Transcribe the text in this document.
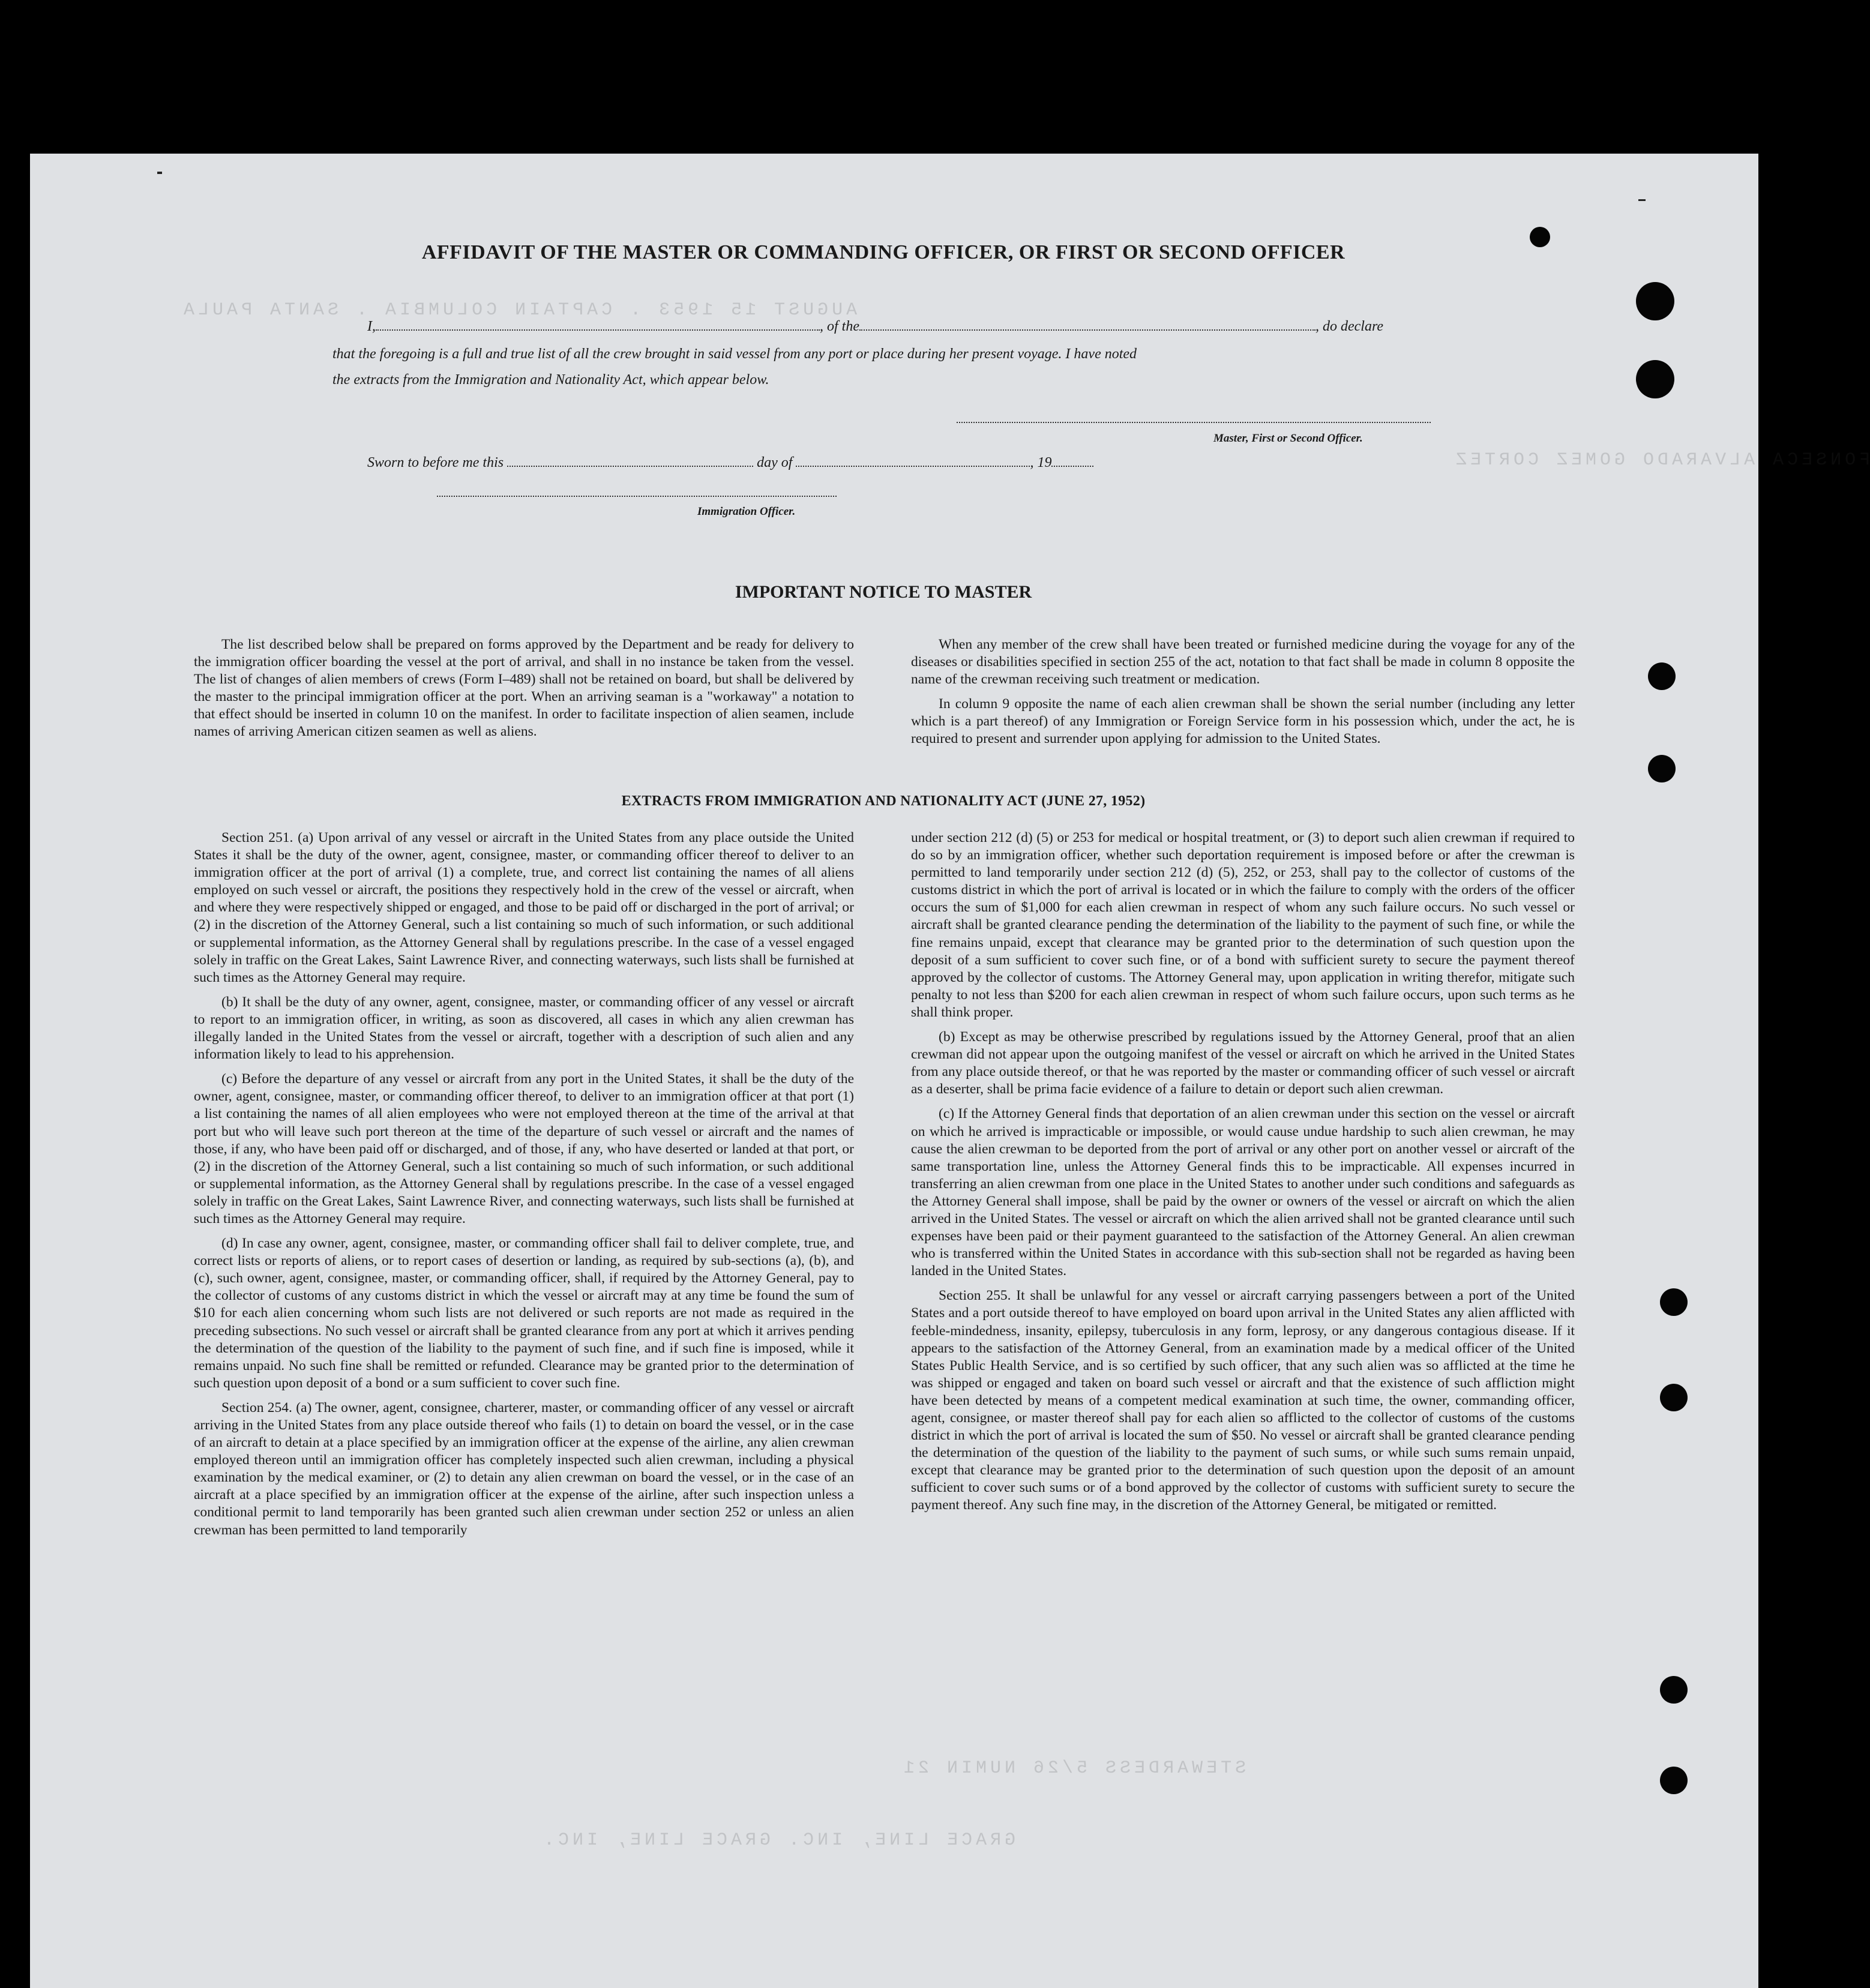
AUGUST 15 1953 . CAPTAIN COLUMBIA . SANTA PAULA
FONSECA ALVARADO GOMEZ CORTEZ
STEWARDESS 5/26 NUMIN 21
GRACE LINE, INC. GRACE LINE, INC.
AFFIDAVIT OF THE MASTER OR COMMANDING OFFICER, OR FIRST OR SECOND OFFICER
I,	, of the	, do declare
that the foregoing is a full and true list of all the crew brought in said vessel from any port or place during her present voyage. I have noted
the extracts from the Immigration and Nationality Act, which appear below.
Master, First or Second Officer.
Sworn to before me this	day of	, 19
Immigration Officer.
IMPORTANT NOTICE TO MASTER

The list described below shall be prepared on forms approved by the Department and be ready for delivery to the immigration officer boarding the vessel at the port of arrival, and shall in no instance be taken from the vessel. The list of changes of alien members of crews (Form I–489) shall not be retained on board, but shall be delivered by the master to the principal immigration officer at the port. When an arriving seaman is a "workaway" a notation to that effect should be inserted in column 10 on the manifest. In order to facilitate inspection of alien seamen, include names of arriving American citizen seamen as well as aliens.

When any member of the crew shall have been treated or furnished medicine during the voyage for any of the diseases or disabilities specified in section 255 of the act, notation to that fact shall be made in column 8 opposite the name of the crewman receiving such treatment or medication.

In column 9 opposite the name of each alien crewman shall be shown the serial number (including any letter which is a part thereof) of any Immigration or Foreign Service form in his possession which, under the act, he is required to present and surrender upon applying for admission to the United States.

EXTRACTS FROM IMMIGRATION AND NATIONALITY ACT (JUNE 27, 1952)

Section 251. (a) Upon arrival of any vessel or aircraft in the United States from any place outside the United States it shall be the duty of the owner, agent, consignee, master, or commanding officer thereof to deliver to an immigration officer at the port of arrival (1) a complete, true, and correct list containing the names of all aliens employed on such vessel or aircraft, the positions they respectively hold in the crew of the vessel or aircraft, when and where they were respectively shipped or engaged, and those to be paid off or discharged in the port of arrival; or (2) in the discretion of the Attorney General, such a list containing so much of such information, or such additional or supplemental information, as the Attorney General shall by regulations prescribe. In the case of a vessel engaged solely in traffic on the Great Lakes, Saint Lawrence River, and connecting waterways, such lists shall be furnished at such times as the Attorney General may require.

(b) It shall be the duty of any owner, agent, consignee, master, or commanding officer of any vessel or aircraft to report to an immigration officer, in writing, as soon as discovered, all cases in which any alien crewman has illegally landed in the United States from the vessel or aircraft, together with a description of such alien and any information likely to lead to his apprehension.

(c) Before the departure of any vessel or aircraft from any port in the United States, it shall be the duty of the owner, agent, consignee, master, or commanding officer thereof, to deliver to an immigration officer at that port (1) a list containing the names of all alien employees who were not employed thereon at the time of the arrival at that port but who will leave such port thereon at the time of the departure of such vessel or aircraft and the names of those, if any, who have been paid off or discharged, and of those, if any, who have deserted or landed at that port, or (2) in the discretion of the Attorney General, such a list containing so much of such information, or such additional or supplemental information, as the Attorney General shall by regulations prescribe. In the case of a vessel engaged solely in traffic on the Great Lakes, Saint Lawrence River, and connecting waterways, such lists shall be furnished at such times as the Attorney General may require.

(d) In case any owner, agent, consignee, master, or commanding officer shall fail to deliver complete, true, and correct lists or reports of aliens, or to report cases of desertion or landing, as required by sub-sections (a), (b), and (c), such owner, agent, consignee, master, or commanding officer, shall, if required by the Attorney General, pay to the collector of customs of any customs district in which the vessel or aircraft may at any time be found the sum of $10 for each alien concerning whom such lists are not delivered or such reports are not made as required in the preceding subsections. No such vessel or aircraft shall be granted clearance from any port at which it arrives pending the determination of the question of the liability to the payment of such fine, and if such fine is imposed, while it remains unpaid. No such fine shall be remitted or refunded. Clearance may be granted prior to the determination of such question upon deposit of a bond or a sum sufficient to cover such fine.

Section 254. (a) The owner, agent, consignee, charterer, master, or commanding officer of any vessel or aircraft arriving in the United States from any place outside thereof who fails (1) to detain on board the vessel, or in the case of an aircraft to detain at a place specified by an immigration officer at the expense of the airline, any alien crewman employed thereon until an immigration officer has completely inspected such alien crewman, including a physical examination by the medical examiner, or (2) to detain any alien crewman on board the vessel, or in the case of an aircraft at a place specified by an immigration officer at the expense of the airline, after such inspection unless a conditional permit to land temporarily has been granted such alien crewman under section 252 or unless an alien crewman has been permitted to land temporarily

under section 212 (d) (5) or 253 for medical or hospital treatment, or (3) to deport such alien crewman if required to do so by an immigration officer, whether such deportation requirement is imposed before or after the crewman is permitted to land temporarily under section 212 (d) (5), 252, or 253, shall pay to the collector of customs of the customs district in which the port of arrival is located or in which the failure to comply with the orders of the officer occurs the sum of $1,000 for each alien crewman in respect of whom any such failure occurs. No such vessel or aircraft shall be granted clearance pending the determination of the liability to the payment of such fine, or while the fine remains unpaid, except that clearance may be granted prior to the determination of such question upon the deposit of a sum sufficient to cover such fine, or of a bond with sufficient surety to secure the payment thereof approved by the collector of customs. The Attorney General may, upon application in writing therefor, mitigate such penalty to not less than $200 for each alien crewman in respect of whom such failure occurs, upon such terms as he shall think proper.

(b) Except as may be otherwise prescribed by regulations issued by the Attorney General, proof that an alien crewman did not appear upon the outgoing manifest of the vessel or aircraft on which he arrived in the United States from any place outside thereof, or that he was reported by the master or commanding officer of such vessel or aircraft as a deserter, shall be prima facie evidence of a failure to detain or deport such alien crewman.

(c) If the Attorney General finds that deportation of an alien crewman under this section on the vessel or aircraft on which he arrived is impracticable or impossible, or would cause undue hardship to such alien crewman, he may cause the alien crewman to be deported from the port of arrival or any other port on another vessel or aircraft of the same transportation line, unless the Attorney General finds this to be impracticable. All expenses incurred in transferring an alien crewman from one place in the United States to another under such conditions and safeguards as the Attorney General shall impose, shall be paid by the owner or owners of the vessel or aircraft on which the alien arrived in the United States. The vessel or aircraft on which the alien arrived shall not be granted clearance until such expenses have been paid or their payment guaranteed to the satisfaction of the Attorney General. An alien crewman who is transferred within the United States in accordance with this sub-section shall not be regarded as having been landed in the United States.

Section 255. It shall be unlawful for any vessel or aircraft carrying passengers between a port of the United States and a port outside thereof to have employed on board upon arrival in the United States any alien afflicted with feeble-mindedness, insanity, epilepsy, tuberculosis in any form, leprosy, or any dangerous contagious disease. If it appears to the satisfaction of the Attorney General, from an examination made by a medical officer of the United States Public Health Service, and is so certified by such officer, that any such alien was so afflicted at the time he was shipped or engaged and taken on board such vessel or aircraft and that the existence of such affliction might have been detected by means of a competent medical examination at such time, the owner, commanding officer, agent, consignee, or master thereof shall pay for each alien so afflicted to the collector of customs of the customs district in which the port of arrival is located the sum of $50. No vessel or aircraft shall be granted clearance pending the determination of the question of the liability to the payment of such sums, or while such sums remain unpaid, except that clearance may be granted prior to the determination of such question upon the deposit of an amount sufficient to cover such sums or of a bond approved by the collector of customs with sufficient surety to secure the payment thereof. Any such fine may, in the discretion of the Attorney General, be mitigated or remitted.
